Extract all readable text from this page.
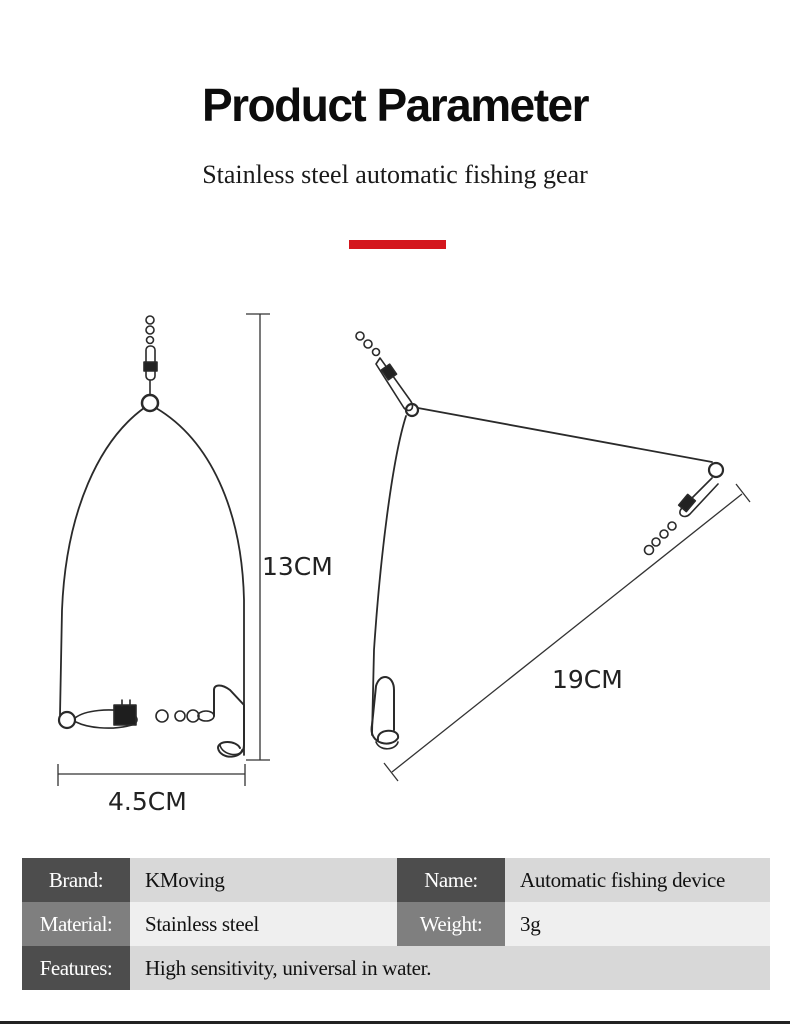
Product Parameter
Stainless steel automatic fishing gear
13CM
4.5CM
19CM
Brand:	KMoving	Name:	Automatic fishing device
Material:	Stainless steel	Weight:	3g
Features:	High sensitivity, universal in water.		
